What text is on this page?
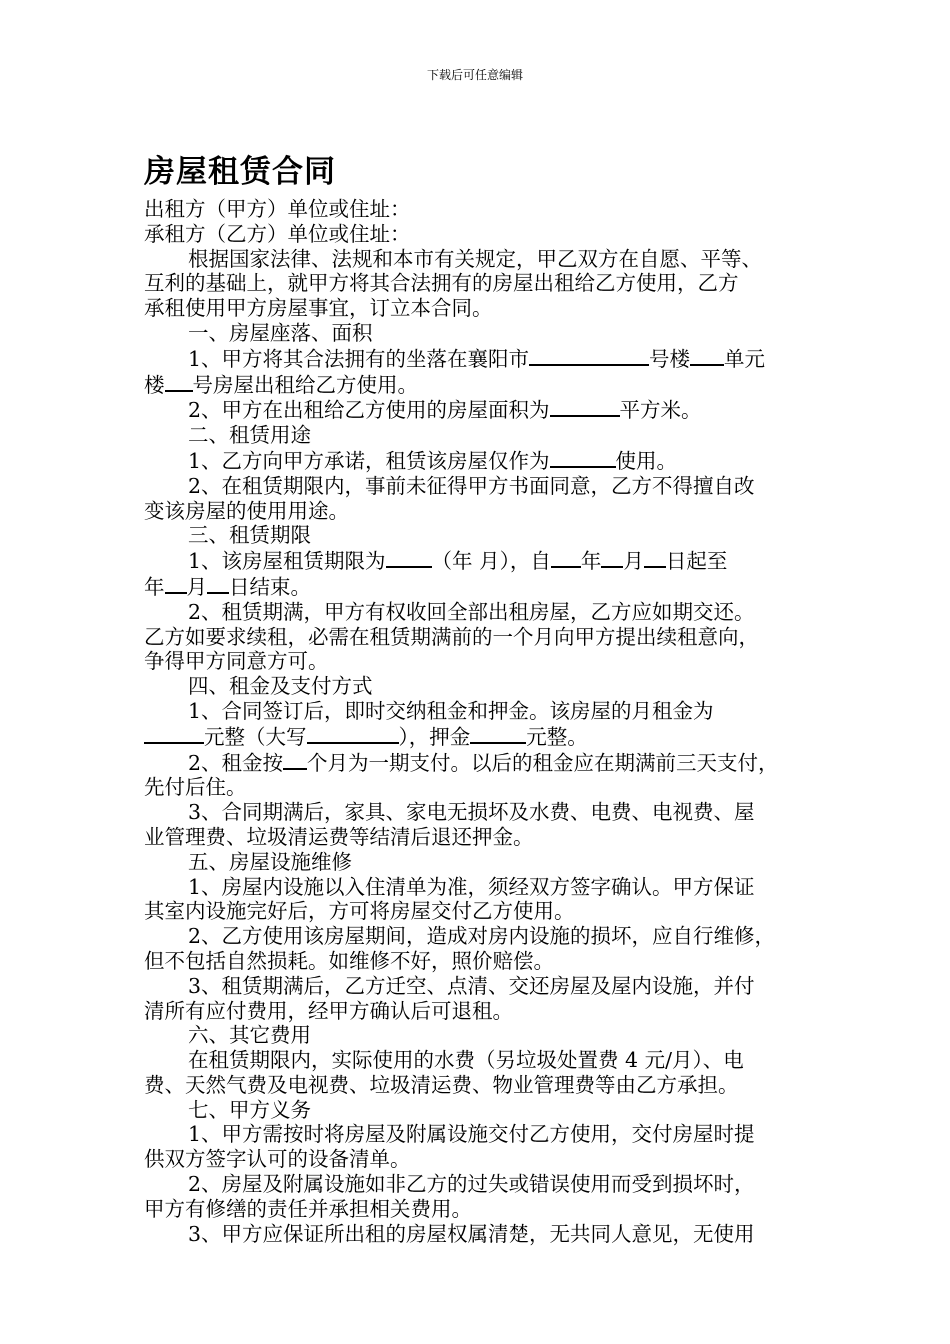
下载后可任意编辑
房屋租赁合同

出租方（甲方）单位或住址：

承租方（乙方）单位或住址：

根据国家法律、法规和本市有关规定，甲乙双方在自愿、平等、

互利的基础上，就甲方将其合法拥有的房屋出租给乙方使用，乙方

承租使用甲方房屋事宜，订立本合同。

一、房屋座落、面积

1、甲方将其合法拥有的坐落在襄阳市	号楼 单元

楼 号房屋出租给乙方使用。

2、甲方在出租给乙方使用的房屋面积为	平方米。

二、租赁用途

1、乙方向甲方承诺，租赁该房屋仅作为	使用。

2、在租赁期限内，事前未征得甲方书面同意，乙方不得擅自改

变该房屋的使用用途。

三、租赁期限

1、该房屋租赁期限为 （年 月），自 年 月 日起至

年 月 日结束。

2、租赁期满，甲方有权收回全部出租房屋，乙方应如期交还。

乙方如要求续租，必需在租赁期满前的一个月向甲方提出续租意向，

争得甲方同意方可。

四、租金及支付方式

1、合同签订后，即时交纳租金和押金。该房屋的月租金为

元整（大写	），押金	元整。

2、租金按 个月为一期支付。以后的租金应在期满前三天支付，

先付后住。

3、合同期满后，家具、家电无损坏及水费、电费、电视费、屋

业管理费、垃圾清运费等结清后退还押金。

五、房屋设施维修

1、房屋内设施以入住清单为准，须经双方签字确认。甲方保证

其室内设施完好后，方可将房屋交付乙方使用。

2、乙方使用该房屋期间，造成对房内设施的损坏，应自行维修，

但不包括自然损耗。如维修不好，照价赔偿。

3、租赁期满后，乙方迁空、点清、交还房屋及屋内设施，并付

清所有应付费用，经甲方确认后可退租。

六、其它费用

在租赁期限内，实际使用的水费（另垃圾处置费 4 元/月）、电

费、天然气费及电视费、垃圾清运费、物业管理费等由乙方承担。

七、甲方义务

1、甲方需按时将房屋及附属设施交付乙方使用，交付房屋时提

供双方签字认可的设备清单。

2、房屋及附属设施如非乙方的过失或错误使用而受到损坏时，

甲方有修缮的责任并承担相关费用。

3、甲方应保证所出租的房屋权属清楚，无共同人意见，无使用
